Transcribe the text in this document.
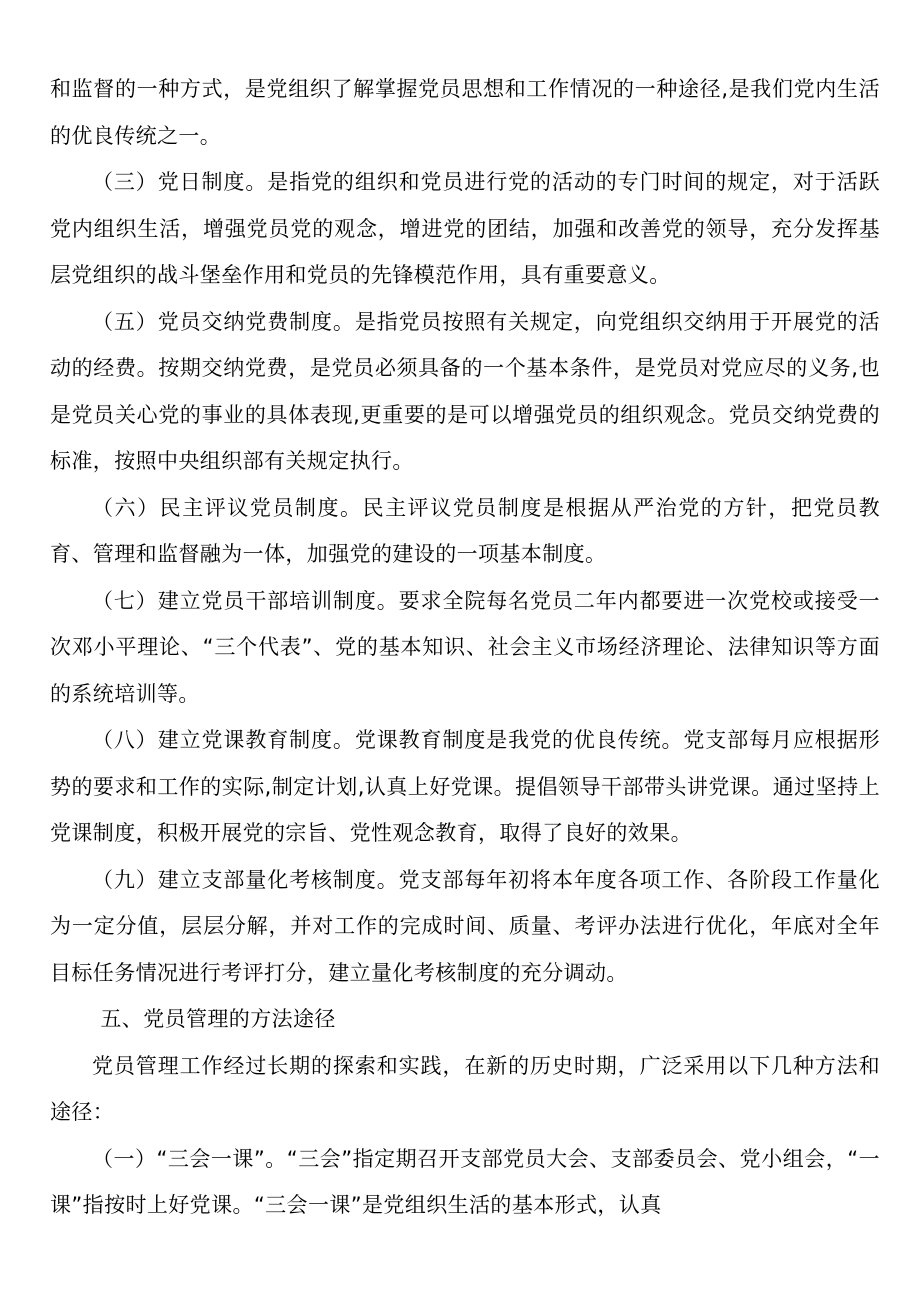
和监督的一种方式，是党组织了解掌握党员思想和工作情况的一种途径,是我们党内生活的优良传统之一。

（三）党日制度。是指党的组织和党员进行党的活动的专门时间的规定，对于活跃党内组织生活，增强党员党的观念，增进党的团结，加强和改善党的领导，充分发挥基层党组织的战斗堡垒作用和党员的先锋模范作用，具有重要意义。

（五）党员交纳党费制度。是指党员按照有关规定，向党组织交纳用于开展党的活动的经费。按期交纳党费，是党员必须具备的一个基本条件，是党员对党应尽的义务,也是党员关心党的事业的具体表现,更重要的是可以增强党员的组织观念。党员交纳党费的标准，按照中央组织部有关规定执行。

（六）民主评议党员制度。民主评议党员制度是根据从严治党的方针，把党员教育、管理和监督融为一体，加强党的建设的一项基本制度。

（七）建立党员干部培训制度。要求全院每名党员二年内都要进一次党校或接受一次邓小平理论、“三个代表”、党的基本知识、社会主义市场经济理论、法律知识等方面的系统培训等。

（八）建立党课教育制度。党课教育制度是我党的优良传统。党支部每月应根据形势的要求和工作的实际,制定计划,认真上好党课。提倡领导干部带头讲党课。通过坚持上党课制度，积极开展党的宗旨、党性观念教育，取得了良好的效果。

（九）建立支部量化考核制度。党支部每年初将本年度各项工作、各阶段工作量化为一定分值，层层分解，并对工作的完成时间、质量、考评办法进行优化，年底对全年目标任务情况进行考评打分，建立量化考核制度的充分调动。

五、党员管理的方法途径

党员管理工作经过长期的探索和实践，在新的历史时期，广泛采用以下几种方法和途径：

（一）“三会一课”。“三会”指定期召开支部党员大会、支部委员会、党小组会，“一课”指按时上好党课。“三会一课”是党组织生活的基本形式，认真
